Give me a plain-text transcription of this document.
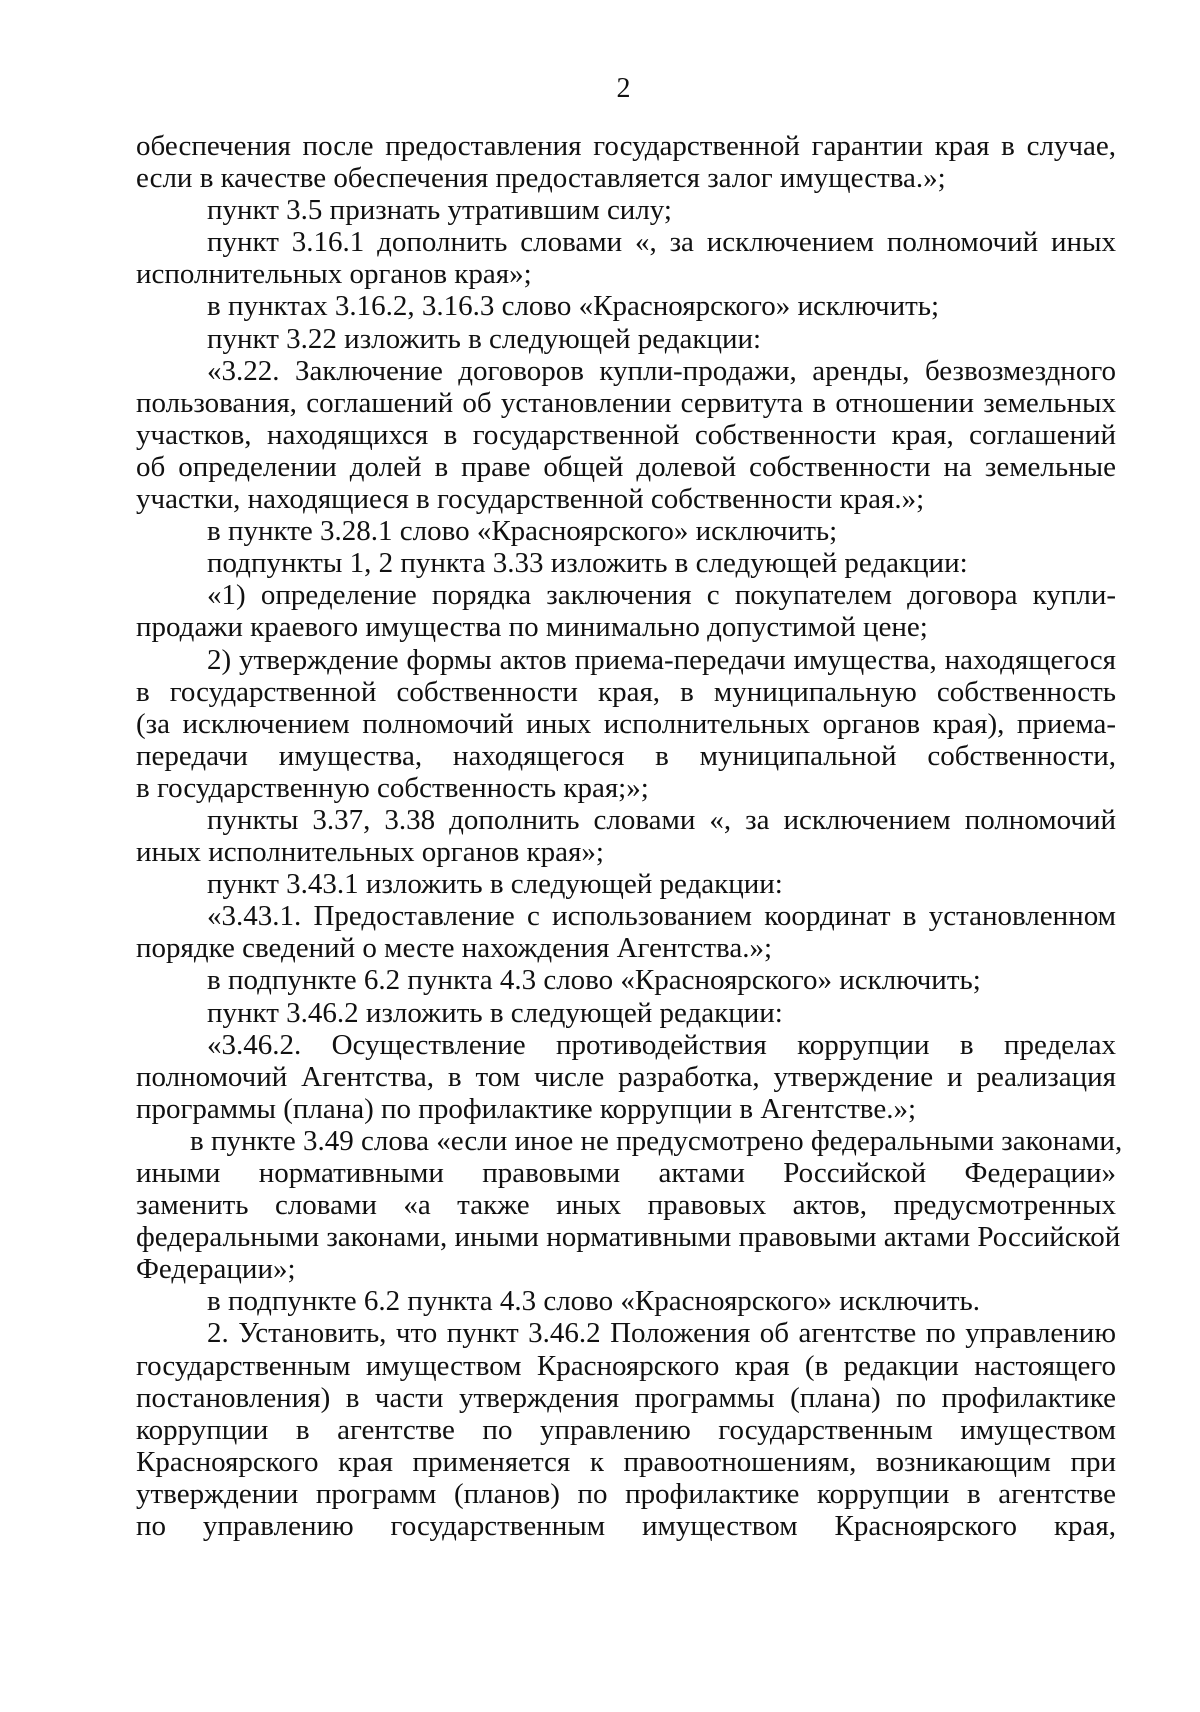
2
обеспечения после предоставления государственной гарантии края в случае,
если в качестве обеспечения предоставляется залог имущества.»;
пункт 3.5 признать утратившим силу;
пункт 3.16.1 дополнить словами «, за исключением полномочий иных
исполнительных органов края»;
в пунктах 3.16.2, 3.16.3 слово «Красноярского» исключить;
пункт 3.22 изложить в следующей редакции:
«3.22. Заключение договоров купли-продажи, аренды, безвозмездного
пользования, соглашений об установлении сервитута в отношении земельных
участков, находящихся в государственной собственности края, соглашений
об определении долей в праве общей долевой собственности на земельные
участки, находящиеся в государственной собственности края.»;
в пункте 3.28.1 слово «Красноярского» исключить;
подпункты 1, 2 пункта 3.33 изложить в следующей редакции:
«1) определение порядка заключения с покупателем договора купли-
продажи краевого имущества по минимально допустимой цене;
2) утверждение формы актов приема-передачи имущества, находящегося
в государственной собственности края, в муниципальную собственность
(за исключением полномочий иных исполнительных органов края), приема-
передачи имущества, находящегося в муниципальной собственности,
в государственную собственность края;»;
пункты 3.37, 3.38 дополнить словами «, за исключением полномочий
иных исполнительных органов края»;
пункт 3.43.1 изложить в следующей редакции:
«3.43.1. Предоставление с использованием координат в установленном
порядке сведений о месте нахождения Агентства.»;
в подпункте 6.2 пункта 4.3 слово «Красноярского» исключить;
пункт 3.46.2 изложить в следующей редакции:
«3.46.2. Осуществление противодействия коррупции в пределах
полномочий Агентства, в том числе разработка, утверждение и реализация
программы (плана) по профилактике коррупции в Агентстве.»;
в пункте 3.49 слова «если иное не предусмотрено федеральными законами,
иными нормативными правовыми актами Российской Федерации»
заменить словами «а также иных правовых актов, предусмотренных
федеральными законами, иными нормативными правовыми актами Российской
Федерации»;
в подпункте 6.2 пункта 4.3 слово «Красноярского» исключить.
2. Установить, что пункт 3.46.2 Положения об агентстве по управлению
государственным имуществом Красноярского края (в редакции настоящего
постановления) в части утверждения программы (плана) по профилактике
коррупции в агентстве по управлению государственным имуществом
Красноярского края применяется к правоотношениям, возникающим при
утверждении программ (планов) по профилактике коррупции в агентстве
по управлению государственным имуществом Красноярского края,
